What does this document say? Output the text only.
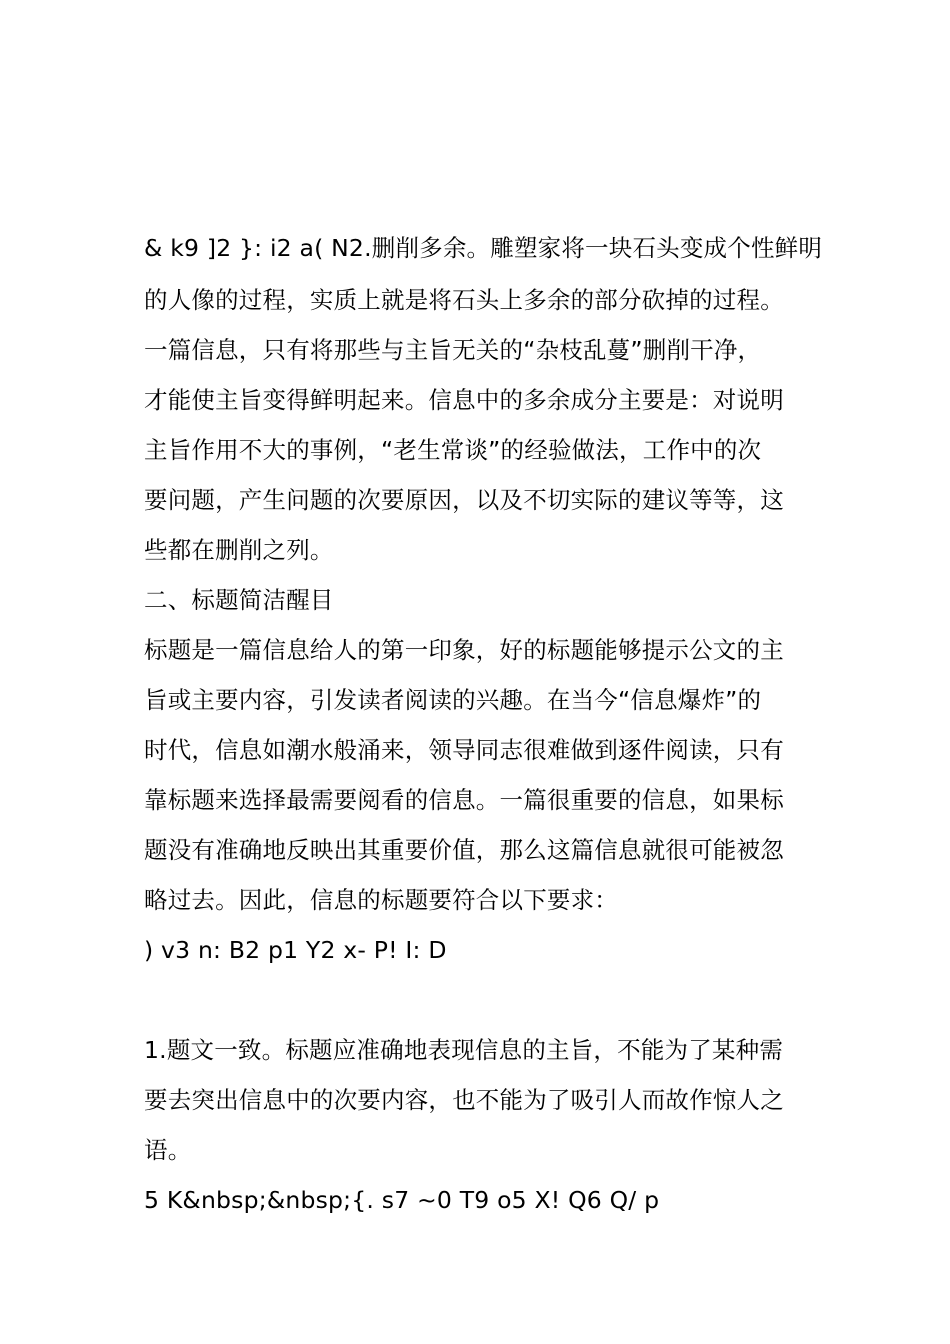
& k9 ]2 }: i2 a( N2.删削多余。雕塑家将一块石头变成个性鲜明
的人像的过程，实质上就是将石头上多余的部分砍掉的过程。
一篇信息，只有将那些与主旨无关的“杂枝乱蔓”删削干净，
才能使主旨变得鲜明起来。信息中的多余成分主要是：对说明
主旨作用不大的事例，“老生常谈”的经验做法，工作中的次
要问题，产生问题的次要原因，以及不切实际的建议等等，这
些都在删削之列。
二、标题简洁醒目
标题是一篇信息给人的第一印象，好的标题能够提示公文的主
旨或主要内容，引发读者阅读的兴趣。在当今“信息爆炸”的
时代，信息如潮水般涌来，领导同志很难做到逐件阅读，只有
靠标题来选择最需要阅看的信息。一篇很重要的信息，如果标
题没有准确地反映出其重要价值，那么这篇信息就很可能被忽
略过去。因此，信息的标题要符合以下要求：
) v3 n: B2 p1 Y2 x- P! I: D
1.题文一致。标题应准确地表现信息的主旨，不能为了某种需
要去突出信息中的次要内容，也不能为了吸引人而故作惊人之
语。
5 K&nbsp;&nbsp;{. s7 ~0 T9 o5 X! Q6 Q/ p
